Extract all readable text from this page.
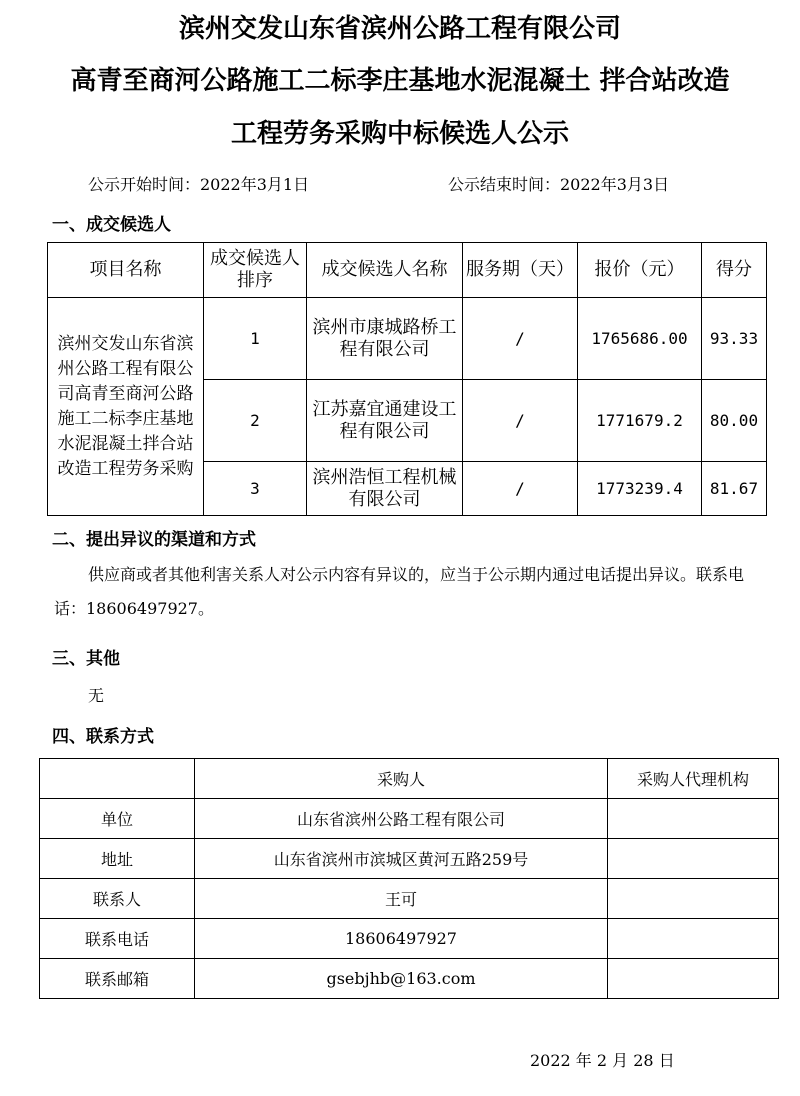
滨州交发山东省滨州公路工程有限公司
高青至商河公路施工二标李庄基地水泥混凝土 拌合站改造
工程劳务采购中标候选人公示
公示开始时间：2022年3月1日	公示结束时间：2022年3月3日
一、成交候选人
项目名称	成交候选人排序	成交候选人名称	服务期（天）	报价（元）	得分
滨州交发山东省滨州公路工程有限公司高青至商河公路施工二标李庄基地水泥混凝土拌合站改造工程劳务采购	1	滨州市康城路桥工程有限公司	/	1765686.00	93.33
	2	江苏嘉宜通建设工程有限公司	/	1771679.2	80.00
	3	滨州浩恒工程机械有限公司	/	1773239.4	81.67
二、提出异议的渠道和方式
供应商或者其他利害关系人对公示内容有异议的，应当于公示期内通过电话提出异议。联系电话：18606497927。
三、其他
无
四、联系方式
	采购人	采购人代理机构
单位	山东省滨州公路工程有限公司	
地址	山东省滨州市滨城区黄河五路259号	
联系人	王可	
联系电话	18606497927	
联系邮箱	gsebjhb@163.com	
2022 年 2 月 28 日
